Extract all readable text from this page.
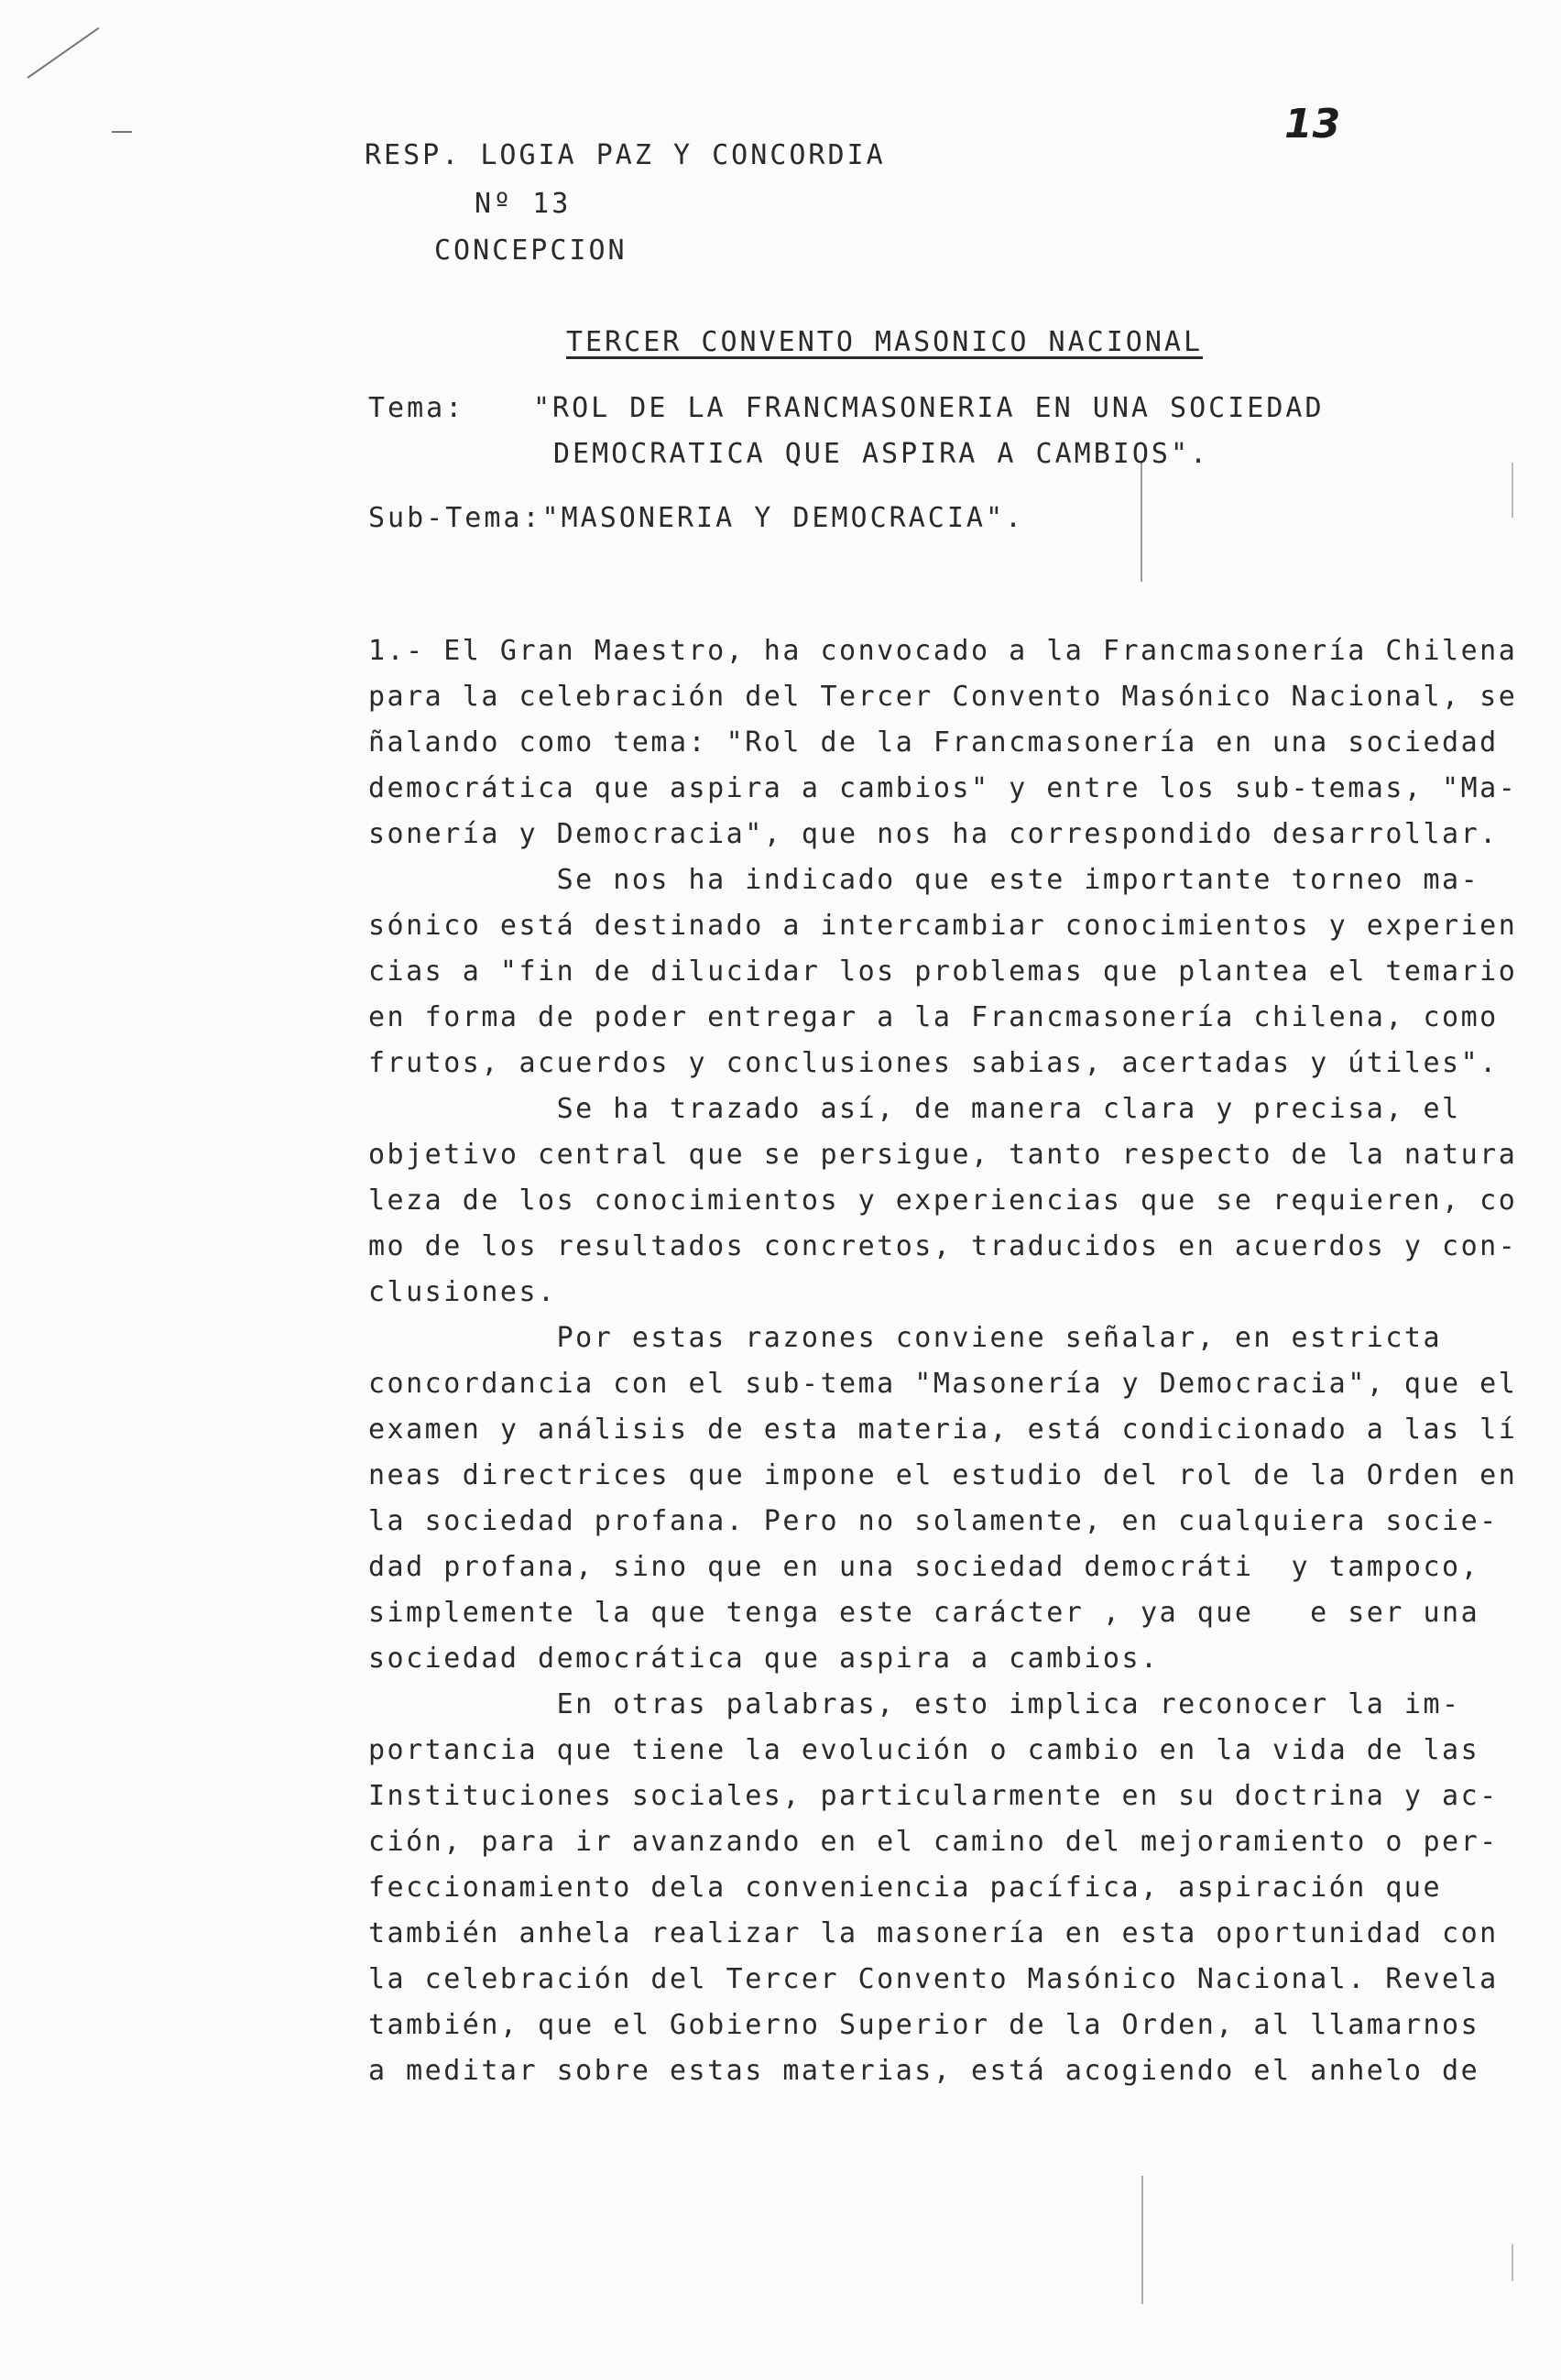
RESP. LOGIA PAZ Y CONCORDIA
Nº 13
CONCEPCION
13
TERCER CONVENTO MASONICO NACIONAL
Tema: "ROL DE LA FRANCMASONERIA EN UNA SOCIEDAD
DEMOCRATICA QUE ASPIRA A CAMBIOS".
Sub-Tema:"MASONERIA Y DEMOCRACIA".
1.- El Gran Maestro, ha convocado a la Francmasonería Chilena
para la celebración del Tercer Convento Masónico Nacional, se
ñalando como tema: "Rol de la Francmasonería en una sociedad
democrática que aspira a cambios" y entre los sub-temas, "Ma-
sonería y Democracia", que nos ha correspondido desarrollar.
Se nos ha indicado que este importante torneo ma-
sónico está destinado a intercambiar conocimientos y experien
cias a "fin de dilucidar los problemas que plantea el temario
en forma de poder entregar a la Francmasonería chilena, como
frutos, acuerdos y conclusiones sabias, acertadas y útiles".
Se ha trazado así, de manera clara y precisa, el
objetivo central que se persigue, tanto respecto de la natura
leza de los conocimientos y experiencias que se requieren, co
mo de los resultados concretos, traducidos en acuerdos y con-
clusiones.
Por estas razones conviene señalar, en estricta
concordancia con el sub-tema "Masonería y Democracia", que el
examen y análisis de esta materia, está condicionado a las lí
neas directrices que impone el estudio del rol de la Orden en
la sociedad profana. Pero no solamente, en cualquiera socie-
dad profana, sino que en una sociedad democráti  y tampoco,
simplemente la que tenga este carácter , ya que   e ser una
sociedad democrática que aspira a cambios.
En otras palabras, esto implica reconocer la im-
portancia que tiene la evolución o cambio en la vida de las
Instituciones sociales, particularmente en su doctrina y ac-
ción, para ir avanzando en el camino del mejoramiento o per-
feccionamiento dela conveniencia pacífica, aspiración que
también anhela realizar la masonería en esta oportunidad con
la celebración del Tercer Convento Masónico Nacional. Revela
también, que el Gobierno Superior de la Orden, al llamarnos
a meditar sobre estas materias, está acogiendo el anhelo de
